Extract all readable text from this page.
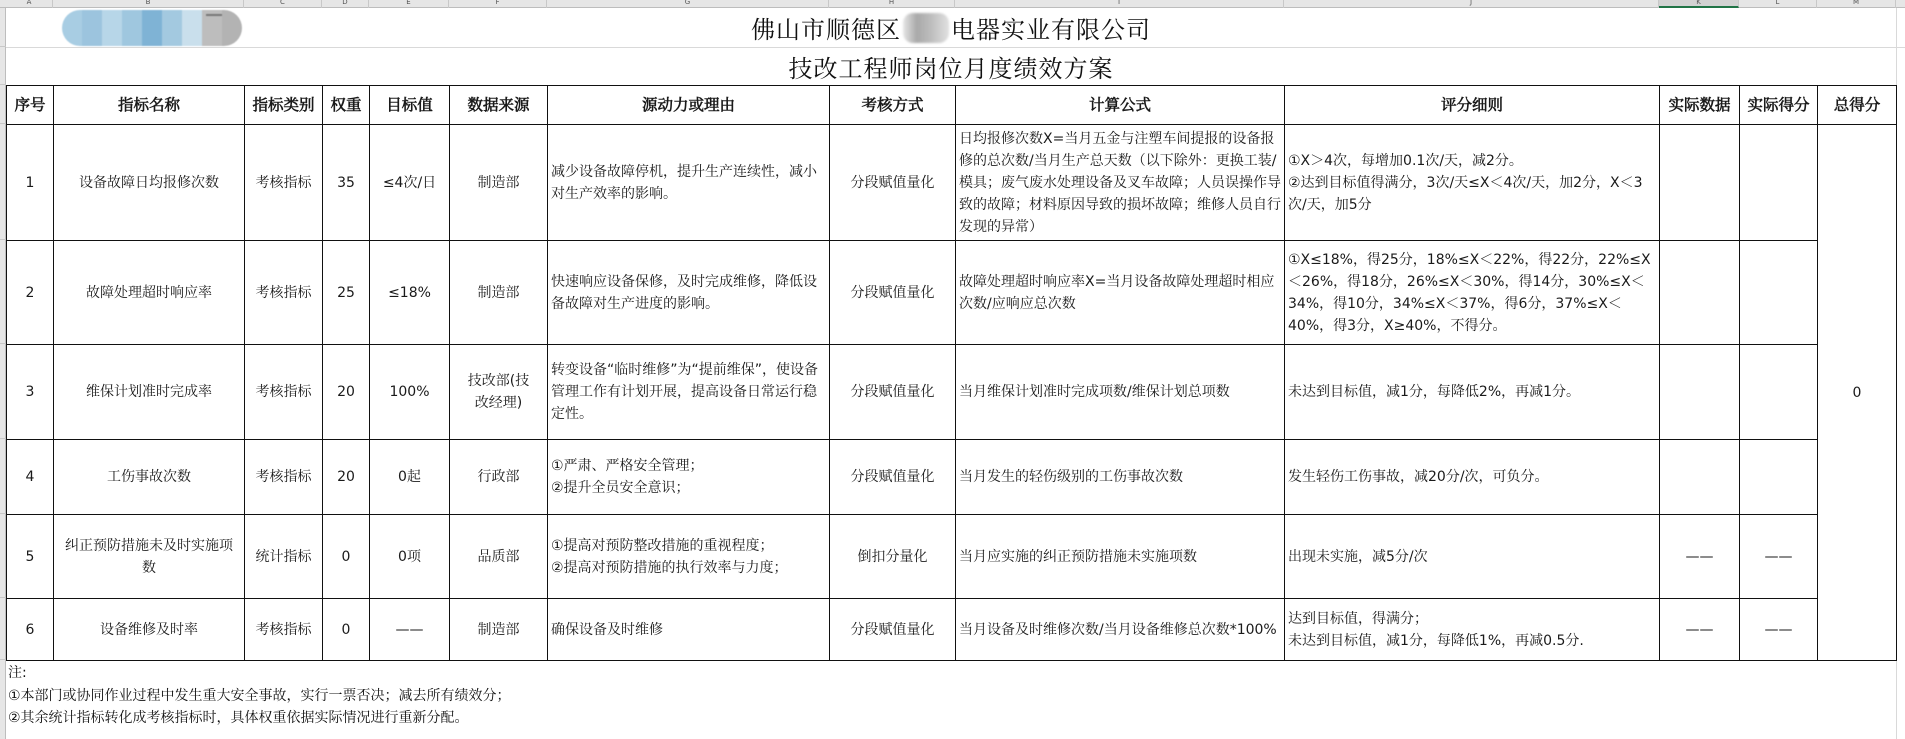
A	B	C	D	E	F	G	H	I	J	K	L	M
佛山市顺德区 电器实业有限公司
技改工程师岗位月度绩效方案
序号	指标名称	指标类别	权重	目标值	数据来源	源动力或理由	考核方式	计算公式	评分细则	实际数据	实际得分	总得分
1	设备故障日均报修次数	考核指标	35	≤4次/日	制造部	减少设备故障停机，提升生产连续性，减小对生产效率的影响。	分段赋值量化	日均报修次数X=当月五金与注塑车间提报的设备报修的总次数/当月生产总天数（以下除外：更换工装/模具；废气废水处理设备及叉车故障；人员误操作导致的故障；材料原因导致的损坏故障；维修人员自行发现的异常）	①X＞4次，每增加0.1次/天，减2分。
②达到目标值得满分，3次/天≤X＜4次/天，加2分，X＜3次/天，加5分			0
2	故障处理超时响应率	考核指标	25	≤18%	制造部	快速响应设备保修，及时完成维修，降低设备故障对生产进度的影响。	分段赋值量化	故障处理超时响应率X=当月设备故障处理超时相应次数/应响应总次数	①X≤18%，得25分，18%≤X＜22%，得22分，22%≤X＜26%，得18分，26%≤X＜30%，得14分，30%≤X＜34%，得10分，34%≤X＜37%，得6分，37%≤X＜40%，得3分，X≥40%，不得分。			
3	维保计划准时完成率	考核指标	20	100%	技改部(技改经理)	转变设备“临时维修”为“提前维保”，使设备管理工作有计划开展，提高设备日常运行稳定性。	分段赋值量化	当月维保计划准时完成项数/维保计划总项数	未达到目标值，减1分，每降低2%，再减1分。			
4	工伤事故次数	考核指标	20	0起	行政部	①严肃、严格安全管理；
②提升全员安全意识；	分段赋值量化	当月发生的轻伤级别的工伤事故次数	发生轻伤工伤事故，减20分/次，可负分。			
5	纠正预防措施未及时实施项数	统计指标	0	0项	品质部	①提高对预防整改措施的重视程度；
②提高对预防措施的执行效率与力度；	倒扣分量化	当月应实施的纠正预防措施未实施项数	出现未实施，减5分/次	——	——	
6	设备维修及时率	考核指标	0	——	制造部	确保设备及时维修	分段赋值量化	当月设备及时维修次数/当月设备维修总次数*100%	达到目标值，得满分；
未达到目标值，减1分，每降低1%，再减0.5分.	——	——	
注:
①本部门或协同作业过程中发生重大安全事故，实行一票否决；减去所有绩效分；
②其余统计指标转化成考核指标时，具体权重依据实际情况进行重新分配。
